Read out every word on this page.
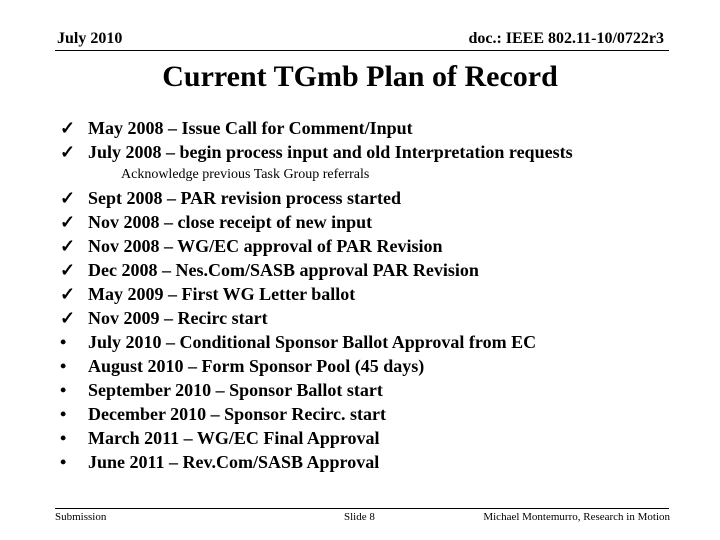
July 2010	doc.: IEEE 802.11-10/0722r3
Current TGmb Plan of Record
✓ May 2008 – Issue Call for Comment/Input
✓ July 2008 – begin process input and old Interpretation requests
Acknowledge previous Task Group referrals
✓ Sept 2008 – PAR revision process started
✓ Nov 2008 – close receipt of new input
✓ Nov 2008 – WG/EC approval of PAR Revision
✓ Dec 2008 – Nes.Com/SASB approval PAR Revision
✓ May 2009 – First WG Letter ballot
✓ Nov 2009 – Recirc start
•	July 2010 – Conditional Sponsor Ballot Approval from EC
•	August 2010 – Form Sponsor Pool (45 days)
•	September 2010 – Sponsor Ballot start
•	December 2010 – Sponsor Recirc. start
•	March 2011 – WG/EC Final Approval
•	June 2011 – Rev.Com/SASB Approval
Submission	Slide 8	Michael Montemurro, Research in Motion
